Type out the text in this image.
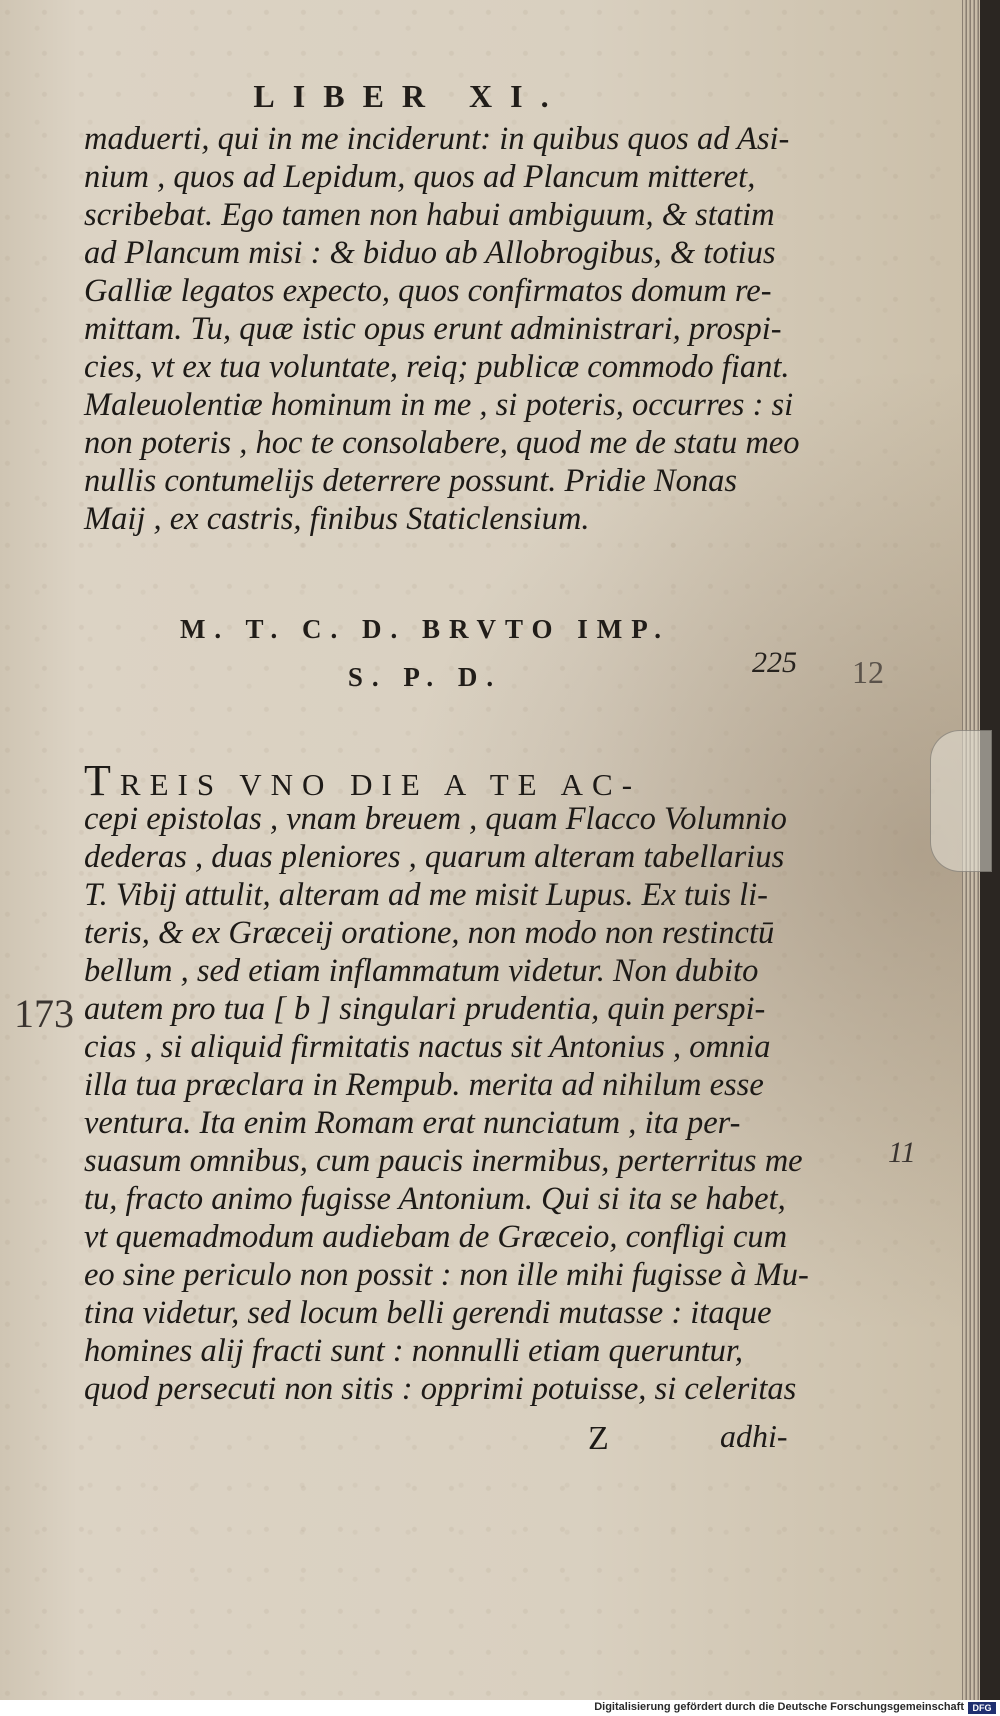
LIBER XI.
maduerti, qui in me inciderunt: in quibus quos ad Asi-
nium , quos ad Lepidum, quos ad Plancum mitteret,
scribebat. Ego tamen non habui ambiguum, & statim
ad Plancum misi : & biduo ab Allobrogibus, & totius
Galliæ legatos expecto, quos confirmatos domum re-
mittam. Tu, quæ istic opus erunt administrari, prospi-
cies, vt ex tua voluntate, reiq; publicæ commodo fiant.
Maleuolentiæ hominum in me , si poteris, occurres : si
non poteris , hoc te consolabere, quod me de statu meo
nullis contumelijs deterrere possunt. Pridie Nonas
Maij , ex castris, finibus Staticlensium.
M. T. C. D. BRVTO IMP.
S. P. D.	225 12
173
11
TREIS VNO DIE A TE AC-
cepi epistolas , vnam breuem , quam Flacco Volumnio
dederas , duas pleniores , quarum alteram tabellarius
T. Vibij attulit, alteram ad me misit Lupus. Ex tuis li-
teris, & ex Græceij oratione, non modo non restinctū
bellum , sed etiam inflammatum videtur. Non dubito
autem pro tua [ b ] singulari prudentia, quin perspi-
cias , si aliquid firmitatis nactus sit Antonius , omnia
illa tua præclara in Rempub. merita ad nihilum esse
ventura. Ita enim Romam erat nunciatum , ita per-
suasum omnibus, cum paucis inermibus, perterritus me
tu, fracto animo fugisse Antonium. Qui si ita se habet,
vt quemadmodum audiebam de Græceio, confligi cum
eo sine periculo non possit : non ille mihi fugisse à Mu-
tina videtur, sed locum belli gerendi mutasse : itaque
homines alij fracti sunt : nonnulli etiam queruntur,
quod persecuti non sitis : opprimi potuisse, si celeritas
Z	adhi-
Digitalisierung gefördert durch die Deutsche Forschungsgemeinschaft DFG
